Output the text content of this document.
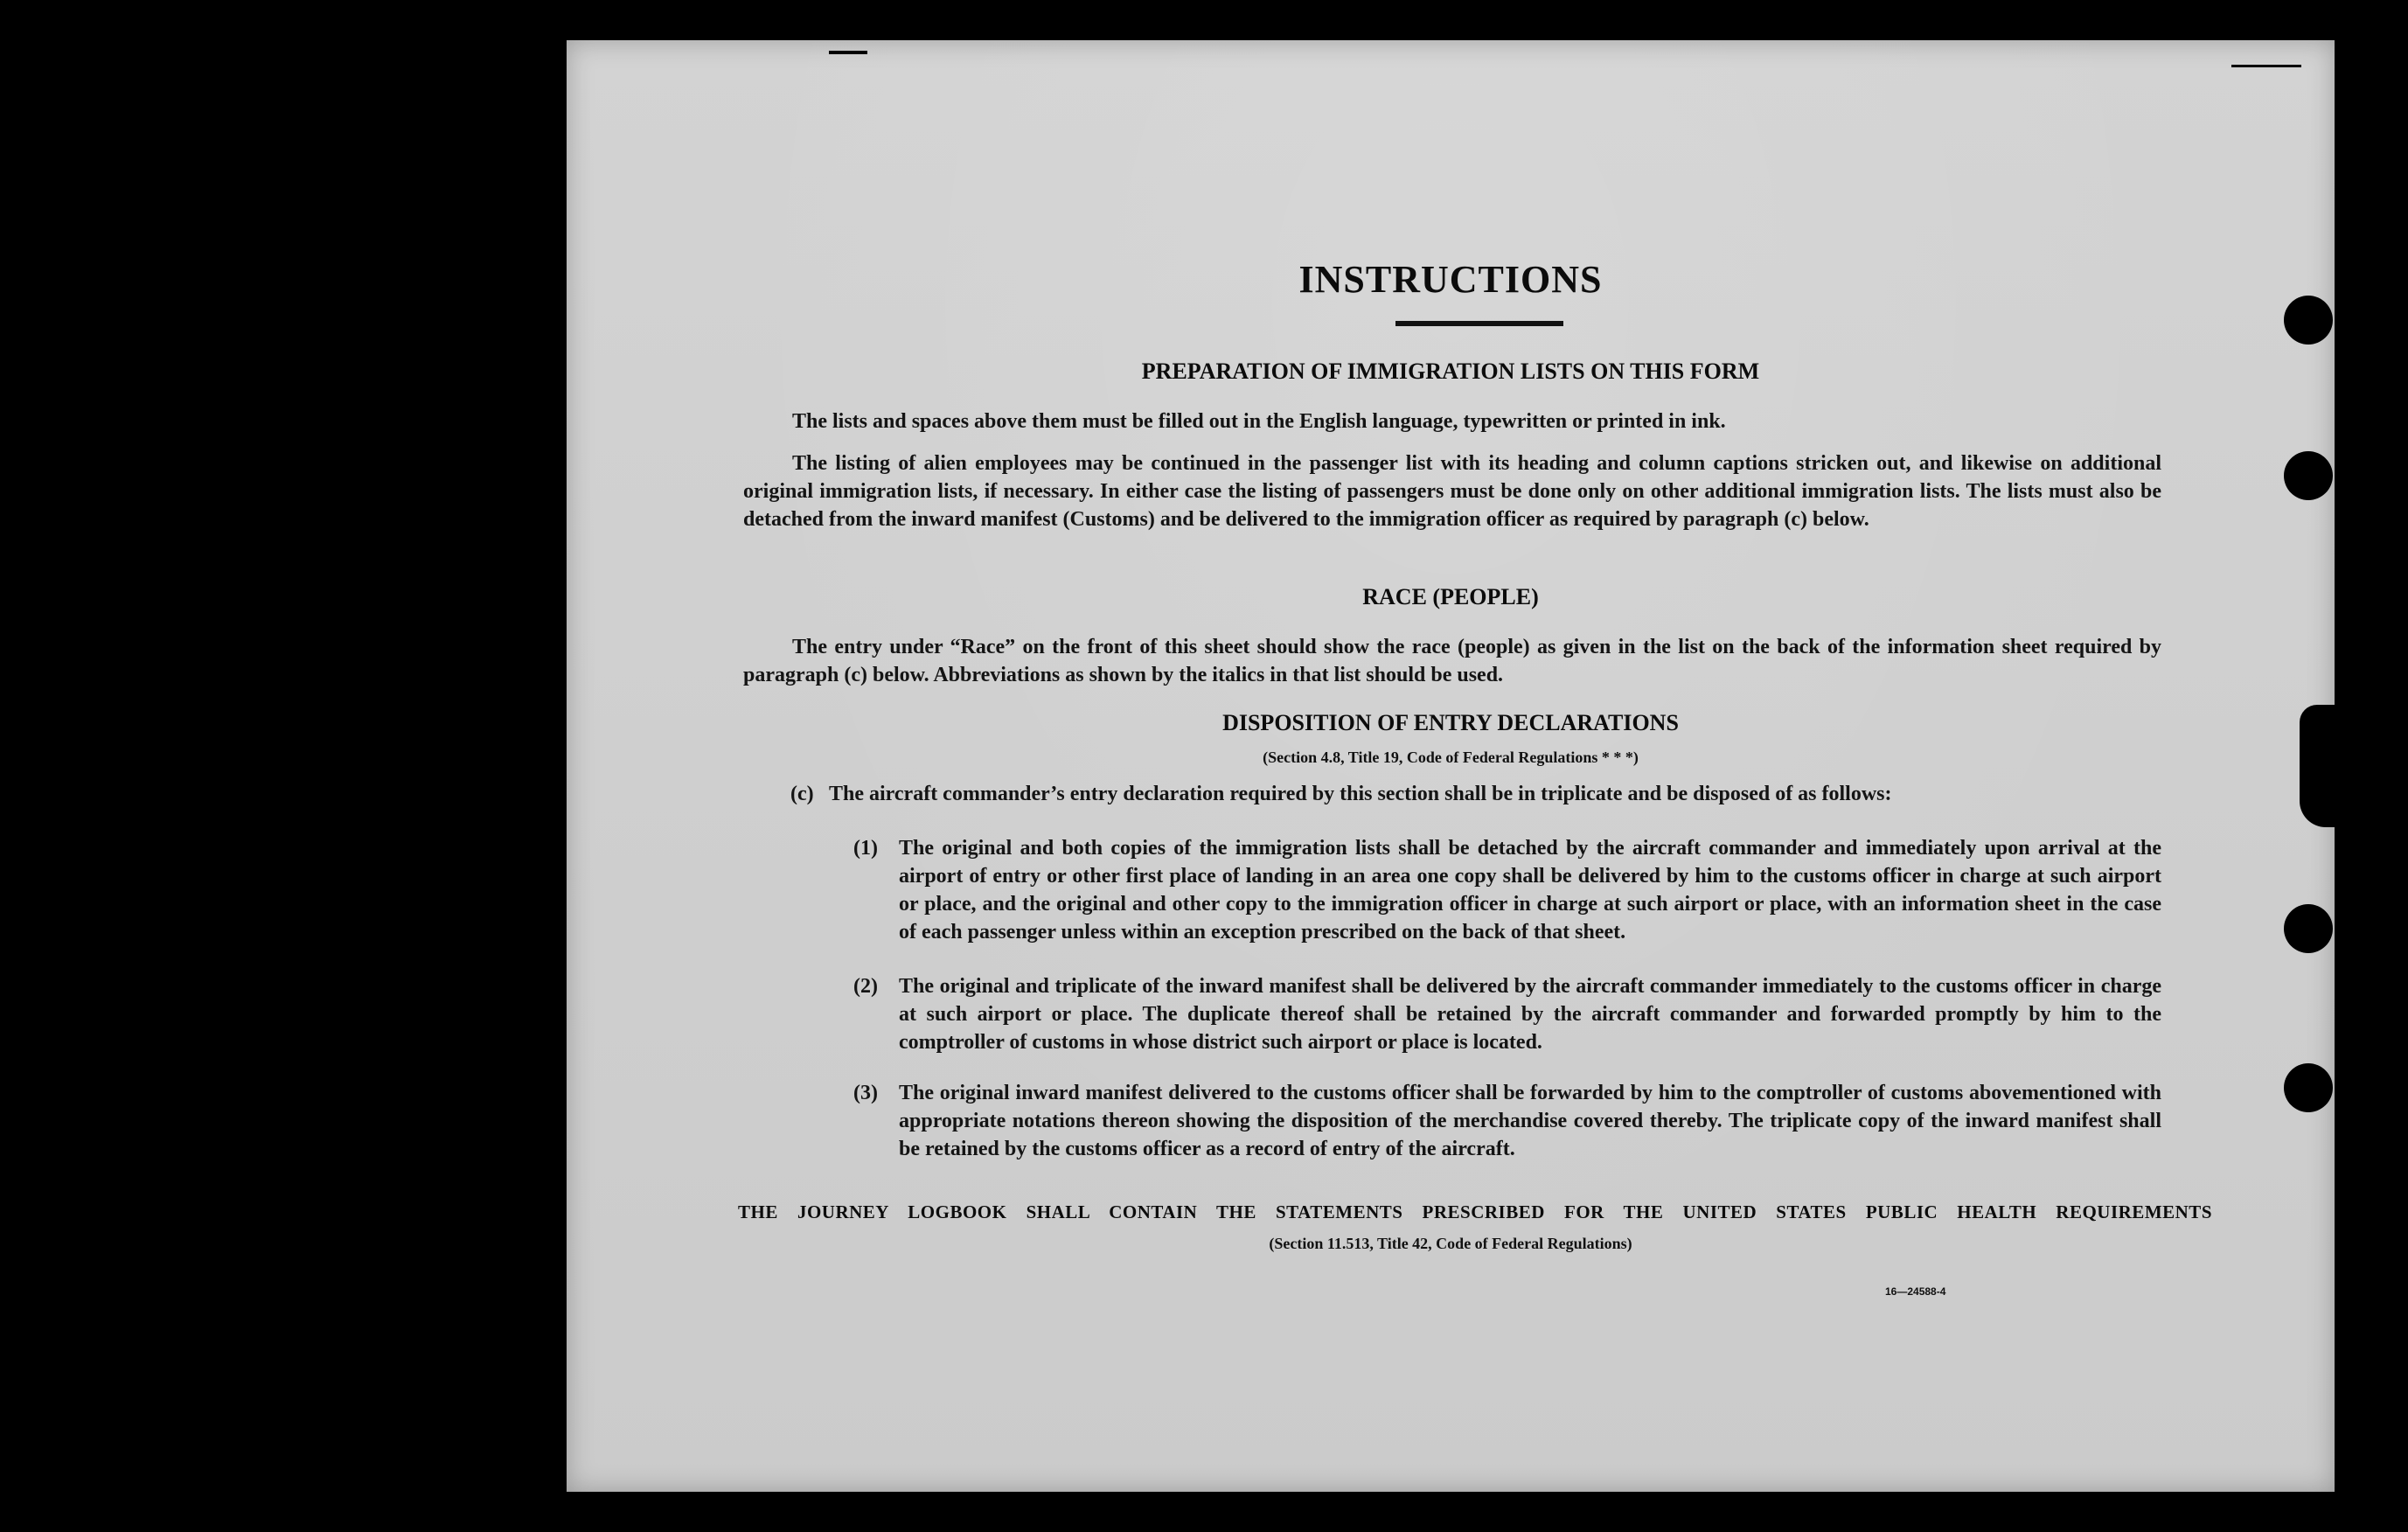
INSTRUCTIONS
PREPARATION OF IMMIGRATION LISTS ON THIS FORM

The lists and spaces above them must be filled out in the English language, typewritten or printed in ink.

The listing of alien employees may be continued in the passenger list with its heading and column captions stricken out, and likewise on additional original immigration lists, if necessary. In either case the listing of passengers must be done only on other additional immigration lists. The lists must also be detached from the inward manifest (Customs) and be delivered to the immigration officer as required by paragraph (c) below.

RACE (PEOPLE)

The entry under “Race” on the front of this sheet should show the race (people) as given in the list on the back of the information sheet required by paragraph (c) below. Abbreviations as shown by the italics in that list should be used.

DISPOSITION OF ENTRY DECLARATIONS
(Section 4.8, Title 19, Code of Federal Regulations * * *)

(c) The aircraft commander’s entry declaration required by this section shall be in triplicate and be disposed of as follows:

(1) The original and both copies of the immigration lists shall be detached by the aircraft commander and immediately upon arrival at the airport of entry or other first place of landing in an area one copy shall be delivered by him to the customs officer in charge at such airport or place, and the original and other copy to the immigration officer in charge at such airport or place, with an information sheet in the case of each passenger unless within an exception prescribed on the back of that sheet.

(2) The original and triplicate of the inward manifest shall be delivered by the aircraft commander immediately to the customs officer in charge at such airport or place. The duplicate thereof shall be retained by the aircraft commander and forwarded promptly by him to the comptroller of customs in whose district such airport or place is located.

(3) The original inward manifest delivered to the customs officer shall be forwarded by him to the comptroller of customs abovementioned with appropriate notations thereon showing the disposition of the merchandise covered thereby. The triplicate copy of the inward manifest shall be retained by the customs officer as a record of entry of the aircraft.

THE JOURNEY LOGBOOK SHALL CONTAIN THE STATEMENTS PRESCRIBED FOR THE UNITED STATES PUBLIC HEALTH REQUIREMENTS
(Section 11.513, Title 42, Code of Federal Regulations)
16—24588-4
